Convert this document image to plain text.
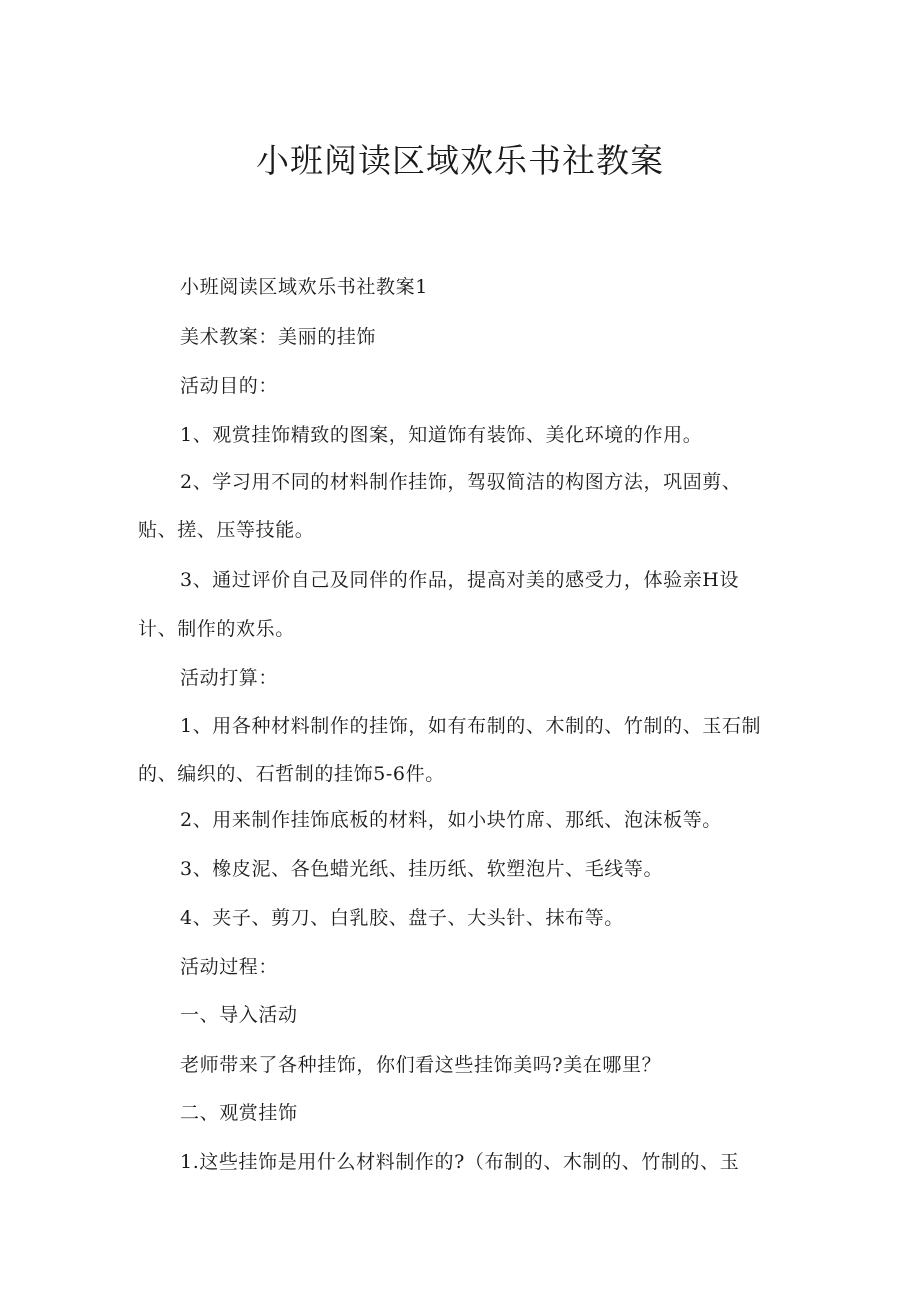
小班阅读区域欢乐书社教案

小班阅读区域欢乐书社教案1

美术教案：美丽的挂饰

活动目的：

1、观赏挂饰精致的图案，知道饰有装饰、美化环境的作用。

2、学习用不同的材料制作挂饰，驾驭简洁的构图方法，巩固剪、

贴、搓、压等技能。

3、通过评价自己及同伴的作品，提高对美的感受力，体验亲H设

计、制作的欢乐。

活动打算：

1、用各种材料制作的挂饰，如有布制的、木制的、竹制的、玉石制

的、编织的、石哲制的挂饰5-6件。

2、用来制作挂饰底板的材料，如小块竹席、那纸、泡沫板等。

3、橡皮泥、各色蜡光纸、挂历纸、软塑泡片、毛线等。

4、夹子、剪刀、白乳胶、盘子、大头针、抹布等。

活动过程：

一、导入活动

老师带来了各种挂饰，你们看这些挂饰美吗?美在哪里？

二、观赏挂饰

1.这些挂饰是用什么材料制作的?（布制的、木制的、竹制的、玉
